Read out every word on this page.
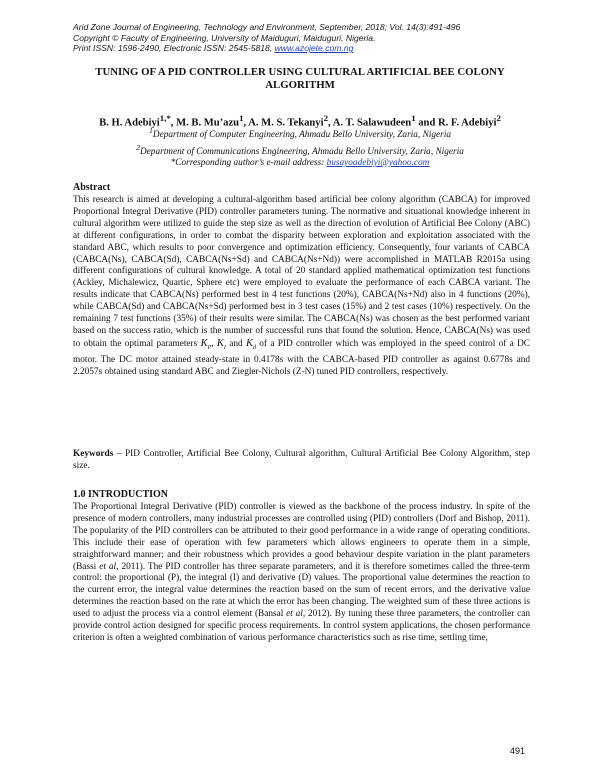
Arid Zone Journal of Engineering, Technology and Environment, September, 2018; Vol. 14(3):491-496
Copyright © Faculty of Engineering, University of Maiduguri, Maiduguri, Nigeria.
Print ISSN: 1596-2490, Electronic ISSN: 2545-5818, www.azojete.com.ng
TUNING OF A PID CONTROLLER USING CULTURAL ARTIFICIAL BEE COLONY
ALGORITHM
B. H. Adebiyi$^{1,*}$, M. B. Mu’azu$^1$, A. M. S. Tekanyi$^2$, A. T. Salawudeen$^1$ and R. F. Adebiyi$^2$
$^1$Department of Computer Engineering, Ahmadu Bello University, Zaria, Nigeria
$^2$Department of Communications Engineering, Ahmadu Bello University, Zaria, Nigeria
*Corresponding author’s e-mail address: busayoadebiyi@yahoo.com
Abstract
This research is aimed at developing a cultural-algorithm based artificial bee colony algorithm (CABCA) for improved Proportional Integral Derivative (PID) controller parameters tuning. The normative and situational knowledge inherent in cultural algorithm were utilized to guide the step size as well as the direction of evolution of Artificial Bee Colony (ABC) at different configurations, in order to combat the disparity between exploration and exploitation associated with the standard ABC, which results to poor convergence and optimization efficiency. Consequently, four variants of CABCA (CABCA(Ns), CABCA(Sd), CABCA(Ns+Sd) and CABCA(Ns+Nd)) were accomplished in MATLAB R2015a using different configurations of cultural knowledge. A total of 20 standard applied mathematical optimization test functions (Ackley, Michalewicz, Quartic, Sphere etc) were employed to evaluate the performance of each CABCA variant. The results indicate that CABCA(Ns) performed best in 4 test functions (20%), CABCA(Ns+Nd) also in 4 functions (20%), while CABCA(Sd) and CABCA(Ns+Sd) performed best in 3 test cases (15%) and 2 test cases (10%) respectively. On the remaining 7 test functions (35%) of their results were similar. The CABCA(Ns) was chosen as the best performed variant based on the success ratio, which is the number of successful runs that found the solution. Hence, CABCA(Ns) was used to obtain the optimal parameters $K_P$, $K_I$ and $K_d$ of a PID controller which was employed in the speed control of a DC motor. The DC motor attained steady-state in 0.4178s with the CABCA-based PID controller as against 0.6778s and 2.2057s obtained using standard ABC and Ziegler-Nichols (Z-N) tuned PID controllers, respectively.
Keywords – PID Controller, Artificial Bee Colony, Cultural algorithm, Cultural Artificial Bee Colony Algorithm, step size.
1.0 INTRODUCTION
The Proportional Integral Derivative (PID) controller is viewed as the backbone of the process industry. In spite of the presence of modern controllers, many industrial processes are controlled using (PID) controllers (Dorf and Bishop, 2011). The popularity of the PID controllers can be attributed to their good performance in a wide range of operating conditions. This include their ease of operation with few parameters which allows engineers to operate them in a simple, straightforward manner; and their robustness which provides a good behaviour despite variation in the plant parameters (Bassi et al, 2011). The PID controller has three separate parameters, and it is therefore sometimes called the three-term control: the proportional (P), the integral (I) and derivative (D) values. The proportional value determines the reaction to the current error, the integral value determines the reaction based on the sum of recent errors, and the derivative value determines the reaction based on the rate at which the error has been changing. The weighted sum of these three actions is used to adjust the process via a control element (Bansal et al, 2012). By tuning these three parameters, the controller can provide control action designed for specific process requirements. In control system applications, the chosen performance criterion is often a weighted combination of various performance characteristics such as rise time, settling time,
491
